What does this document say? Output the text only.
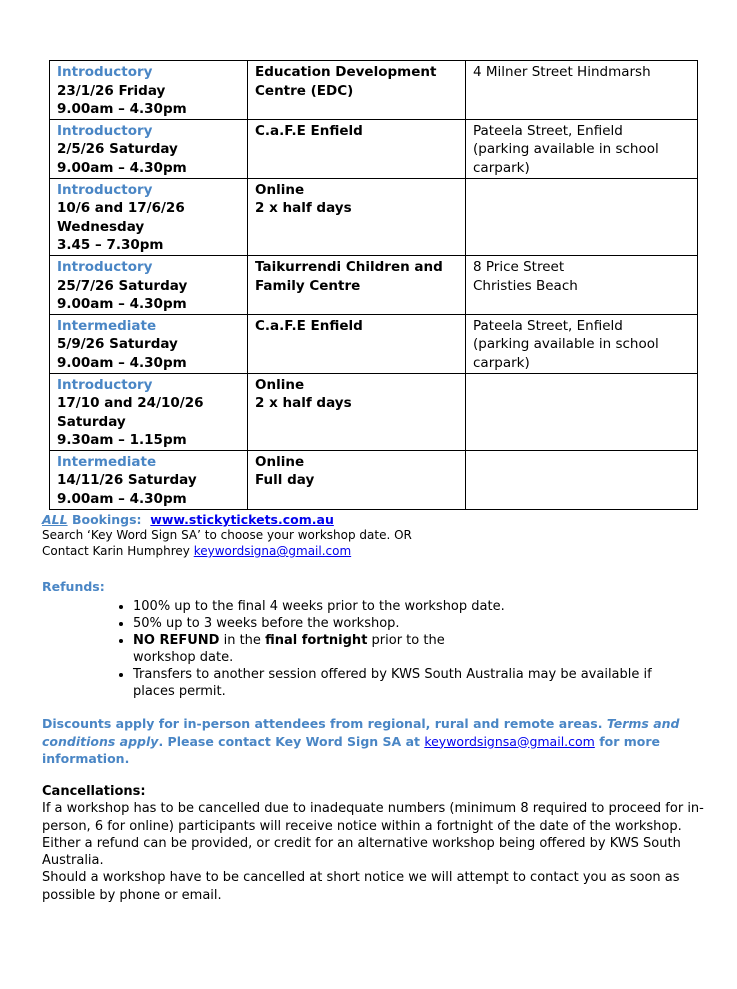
Introductory
23/1/26 Friday
9.00am – 4.30pm	Education Development Centre (EDC)	4 Milner Street Hindmarsh

Introductory
2/5/26 Saturday
9.00am – 4.30pm	C.a.F.E Enfield	Pateela Street, Enfield
(parking available in school carpark)

Introductory
10/6 and 17/6/26
Wednesday
3.45 – 7.30pm	Online
2 x half days	

Introductory
25/7/26 Saturday
9.00am – 4.30pm	Taikurrendi Children and Family Centre	8 Price Street
Christies Beach

Intermediate
5/9/26 Saturday
9.00am – 4.30pm	C.a.F.E Enfield	Pateela Street, Enfield
(parking available in school carpark)

Introductory
17/10 and 24/10/26
Saturday
9.30am – 1.15pm	Online
2 x half days	

Intermediate
14/11/26 Saturday
9.00am – 4.30pm	Online
Full day	

ALL Bookings: www.stickytickets.com.au
Search ‘Key Word Sign SA’ to choose your workshop date. OR
Contact Karin Humphrey keywordsigna@gmail.com
Refunds:
• 100% up to the final 4 weeks prior to the workshop date.
• 50% up to 3 weeks before the workshop.
• NO REFUND in the final fortnight prior to the workshop date.
• Transfers to another session offered by KWS South Australia may be available if places permit.
Discounts apply for in-person attendees from regional, rural and remote areas. Terms and conditions apply. Please contact Key Word Sign SA at keywordsignsa@gmail.com for more information.
Cancellations:
If a workshop has to be cancelled due to inadequate numbers (minimum 8 required to proceed for in-person, 6 for online) participants will receive notice within a fortnight of the date of the workshop. Either a refund can be provided, or credit for an alternative workshop being offered by KWS South Australia.
Should a workshop have to be cancelled at short notice we will attempt to contact you as soon as possible by phone or email.
